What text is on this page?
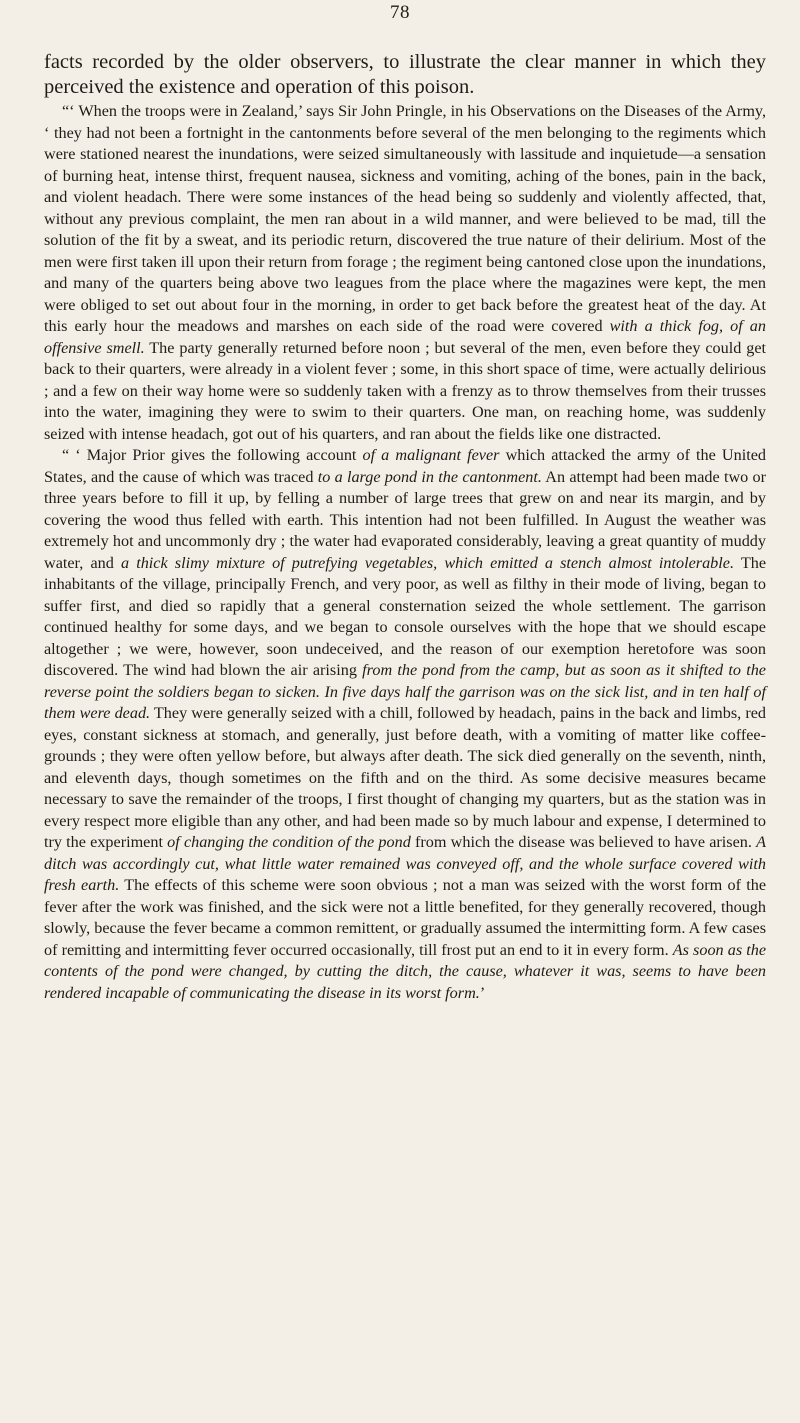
78

facts recorded by the older observers, to illustrate the clear manner in which they perceived the existence and operation of this poison.

“‘ When the troops were in Zealand,’ says Sir John Pringle, in his Observations on the Diseases of the Army, ‘ they had not been a fortnight in the cantonments before several of the men belonging to the regiments which were stationed nearest the inundations, were seized simultaneously with lassitude and inquietude—a sensation of burning heat, intense thirst, frequent nausea, sickness and vomiting, aching of the bones, pain in the back, and violent headach. There were some instances of the head being so suddenly and violently affected, that, without any previous complaint, the men ran about in a wild manner, and were believed to be mad, till the solution of the fit by a sweat, and its periodic return, discovered the true nature of their delirium. Most of the men were first taken ill upon their return from forage ; the regiment being cantoned close upon the inundations, and many of the quarters being above two leagues from the place where the magazines were kept, the men were obliged to set out about four in the morning, in order to get back before the greatest heat of the day. At this early hour the meadows and marshes on each side of the road were covered with a thick fog, of an offensive smell. The party generally returned before noon ; but several of the men, even before they could get back to their quarters, were already in a violent fever ; some, in this short space of time, were actually delirious ; and a few on their way home were so suddenly taken with a frenzy as to throw themselves from their trusses into the water, imagining they were to swim to their quarters. One man, on reaching home, was suddenly seized with intense headach, got out of his quarters, and ran about the fields like one distracted.

“ ‘ Major Prior gives the following account of a malignant fever which attacked the army of the United States, and the cause of which was traced to a large pond in the cantonment. An attempt had been made two or three years before to fill it up, by felling a number of large trees that grew on and near its margin, and by covering the wood thus felled with earth. This intention had not been fulfilled. In August the weather was extremely hot and uncommonly dry ; the water had evaporated considerably, leaving a great quantity of muddy water, and a thick slimy mixture of putrefying vegetables, which emitted a stench almost intolerable. The inhabitants of the village, principally French, and very poor, as well as filthy in their mode of living, began to suffer first, and died so rapidly that a general consternation seized the whole settlement. The garrison continued healthy for some days, and we began to console ourselves with the hope that we should escape altogether ; we were, however, soon undeceived, and the reason of our exemption heretofore was soon discovered. The wind had blown the air arising from the pond from the camp, but as soon as it shifted to the reverse point the soldiers began to sicken. In five days half the garrison was on the sick list, and in ten half of them were dead. They were generally seized with a chill, followed by headach, pains in the back and limbs, red eyes, constant sickness at stomach, and generally, just before death, with a vomiting of matter like coffee-grounds ; they were often yellow before, but always after death. The sick died generally on the seventh, ninth, and eleventh days, though sometimes on the fifth and on the third. As some decisive measures became necessary to save the remainder of the troops, I first thought of changing my quarters, but as the station was in every respect more eligible than any other, and had been made so by much labour and expense, I determined to try the experiment of changing the condition of the pond from which the disease was believed to have arisen. A ditch was accordingly cut, what little water remained was conveyed off, and the whole surface covered with fresh earth. The effects of this scheme were soon obvious ; not a man was seized with the worst form of the fever after the work was finished, and the sick were not a little benefited, for they generally recovered, though slowly, because the fever became a common remittent, or gradually assumed the intermitting form. A few cases of remitting and intermitting fever occurred occasionally, till frost put an end to it in every form. As soon as the contents of the pond were changed, by cutting the ditch, the cause, whatever it was, seems to have been rendered incapable of communicating the disease in its worst form.’
